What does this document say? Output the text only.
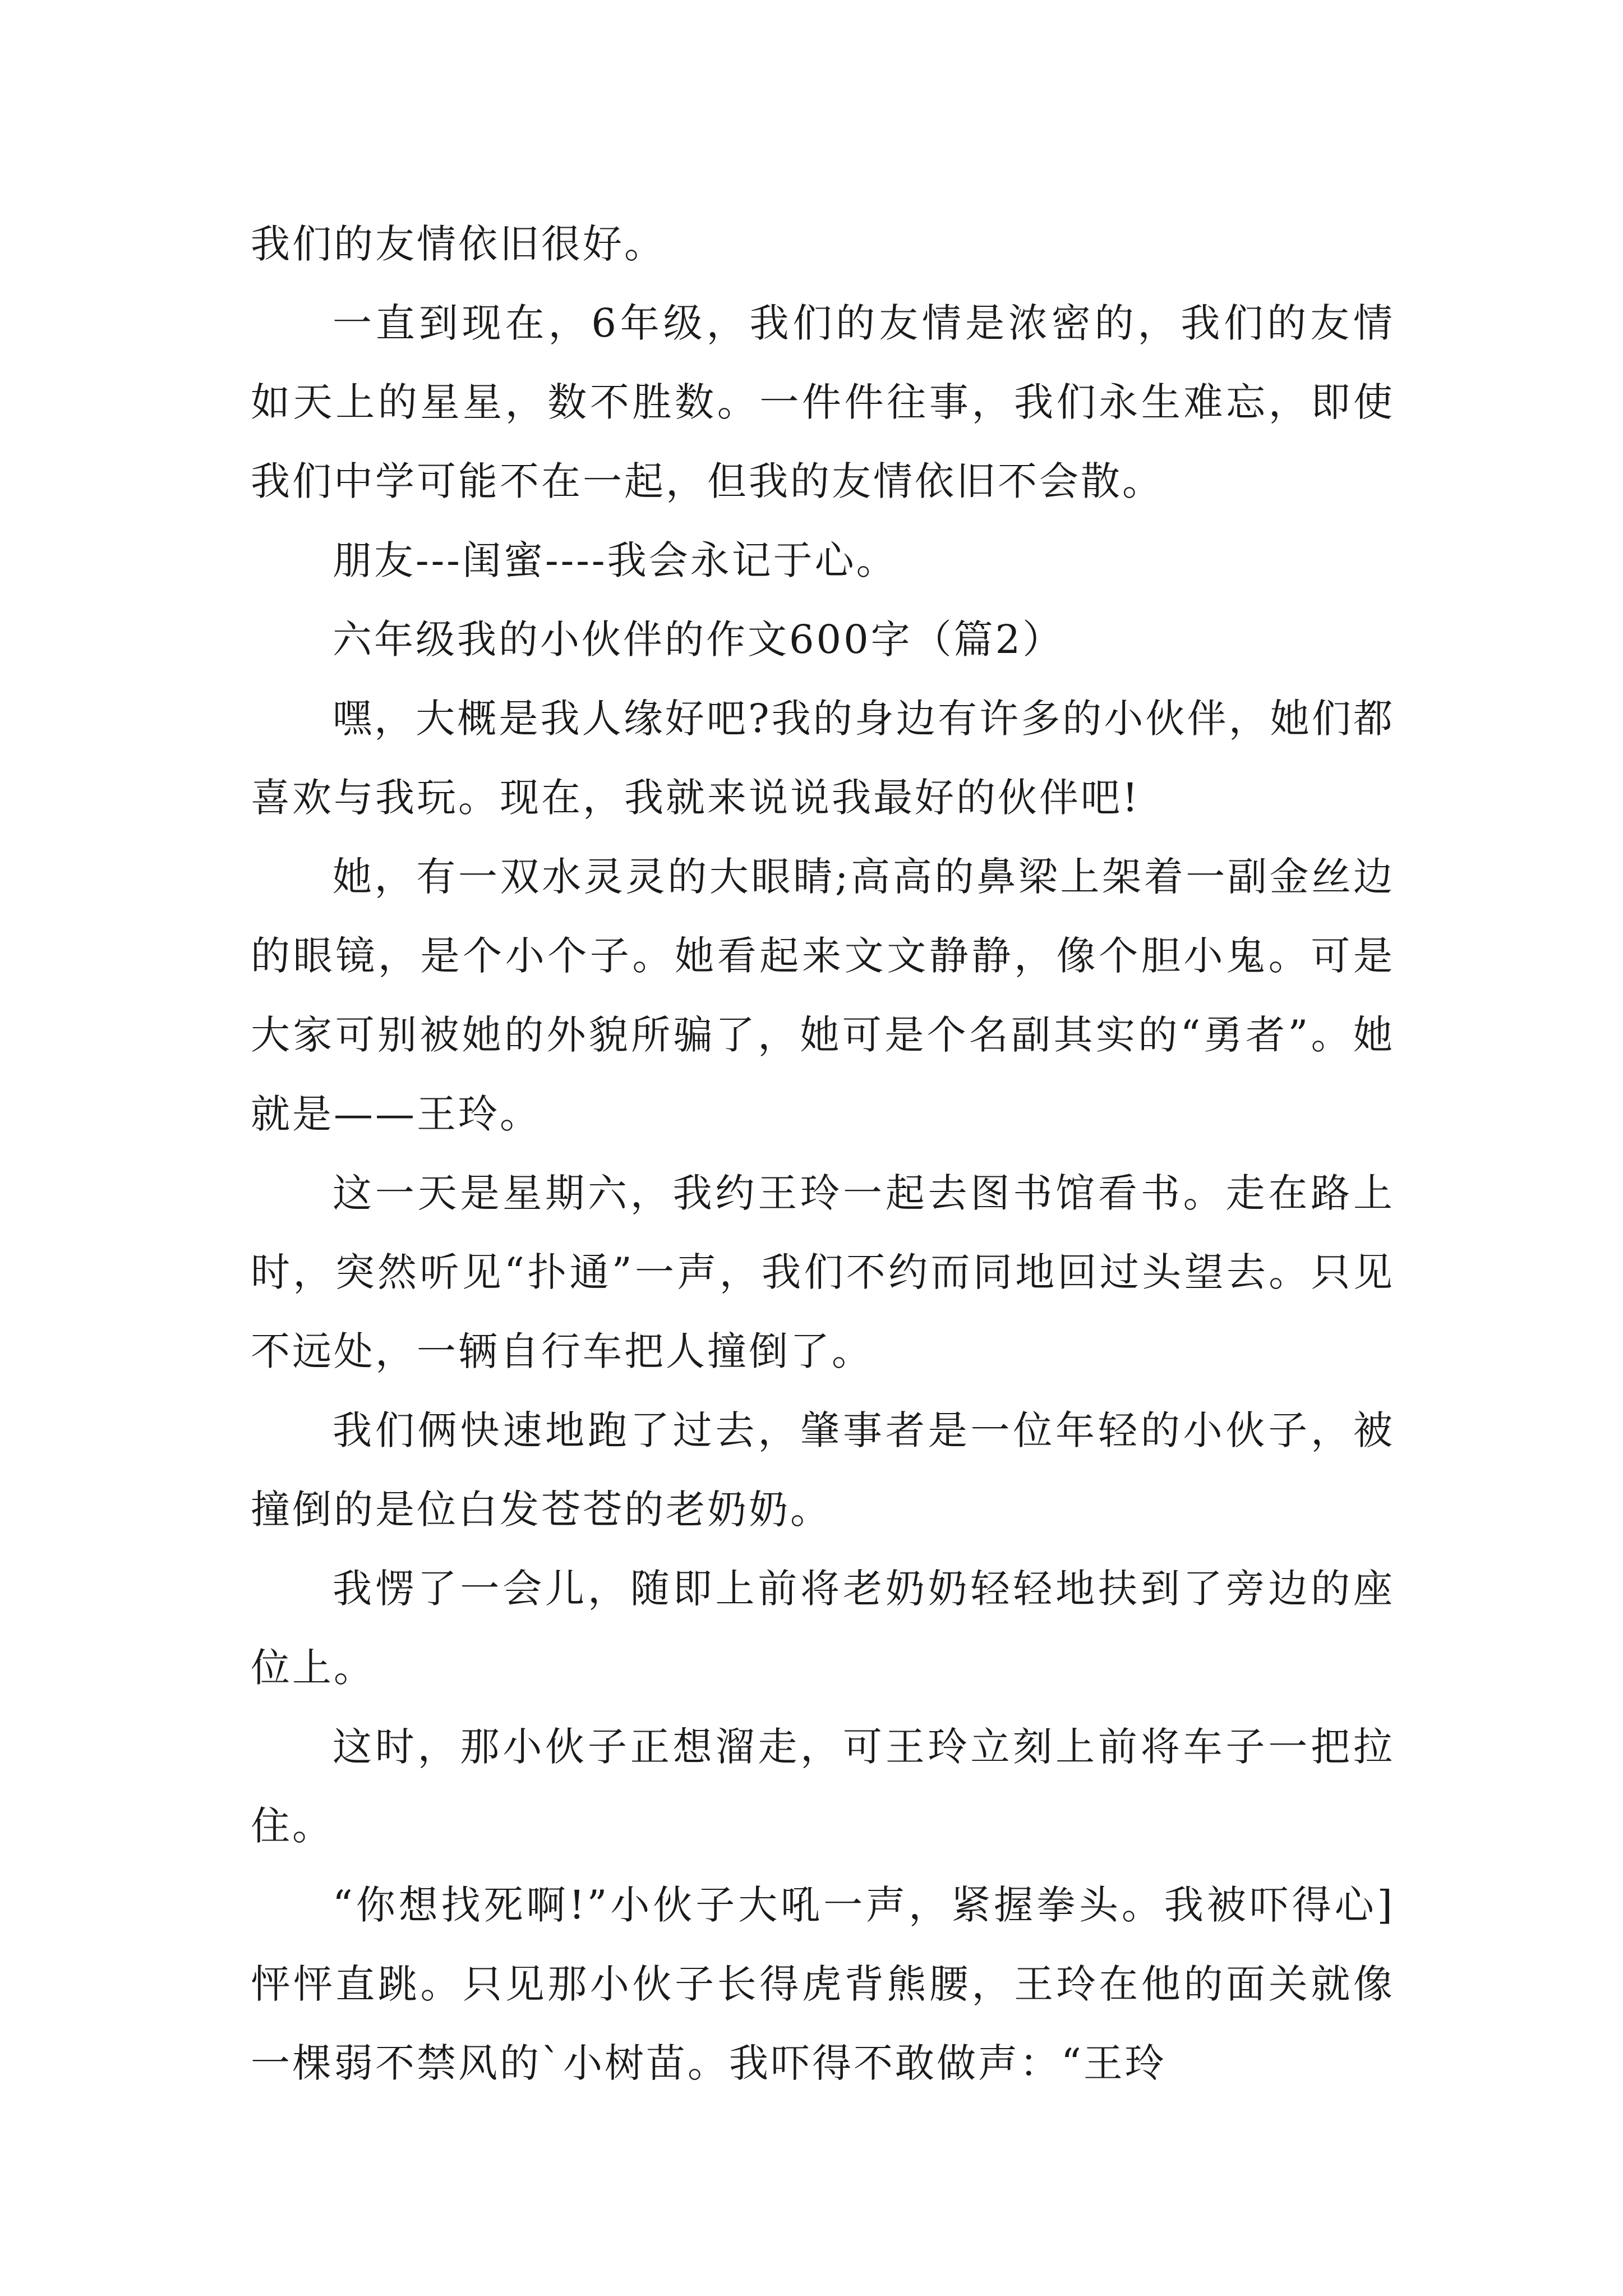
我们的友情依旧很好。

一直到现在，6年级，我们的友情是浓密的，我们的友情如天上的星星，数不胜数。一件件往事，我们永生难忘，即使我们中学可能不在一起，但我的友情依旧不会散。

朋友---闺蜜----我会永记于心。

六年级我的小伙伴的作文600字（篇2）

嘿，大概是我人缘好吧?我的身边有许多的小伙伴，她们都喜欢与我玩。现在，我就来说说我最好的伙伴吧!

她，有一双水灵灵的大眼睛;高高的鼻梁上架着一副金丝边的眼镜，是个小个子。她看起来文文静静，像个胆小鬼。可是大家可别被她的外貌所骗了，她可是个名副其实的“勇者”。她就是——王玲。

这一天是星期六，我约王玲一起去图书馆看书。走在路上时，突然听见“扑通”一声，我们不约而同地回过头望去。只见不远处，一辆自行车把人撞倒了。

我们俩快速地跑了过去，肇事者是一位年轻的小伙子，被撞倒的是位白发苍苍的老奶奶。

我愣了一会儿，随即上前将老奶奶轻轻地扶到了旁边的座位上。

这时，那小伙子正想溜走，可王玲立刻上前将车子一把拉住。

“你想找死啊!”小伙子大吼一声，紧握拳头。我被吓得心]怦怦直跳。只见那小伙子长得虎背熊腰，王玲在他的面关就像一棵弱不禁风的`小树苗。我吓得不敢做声：“王玲
